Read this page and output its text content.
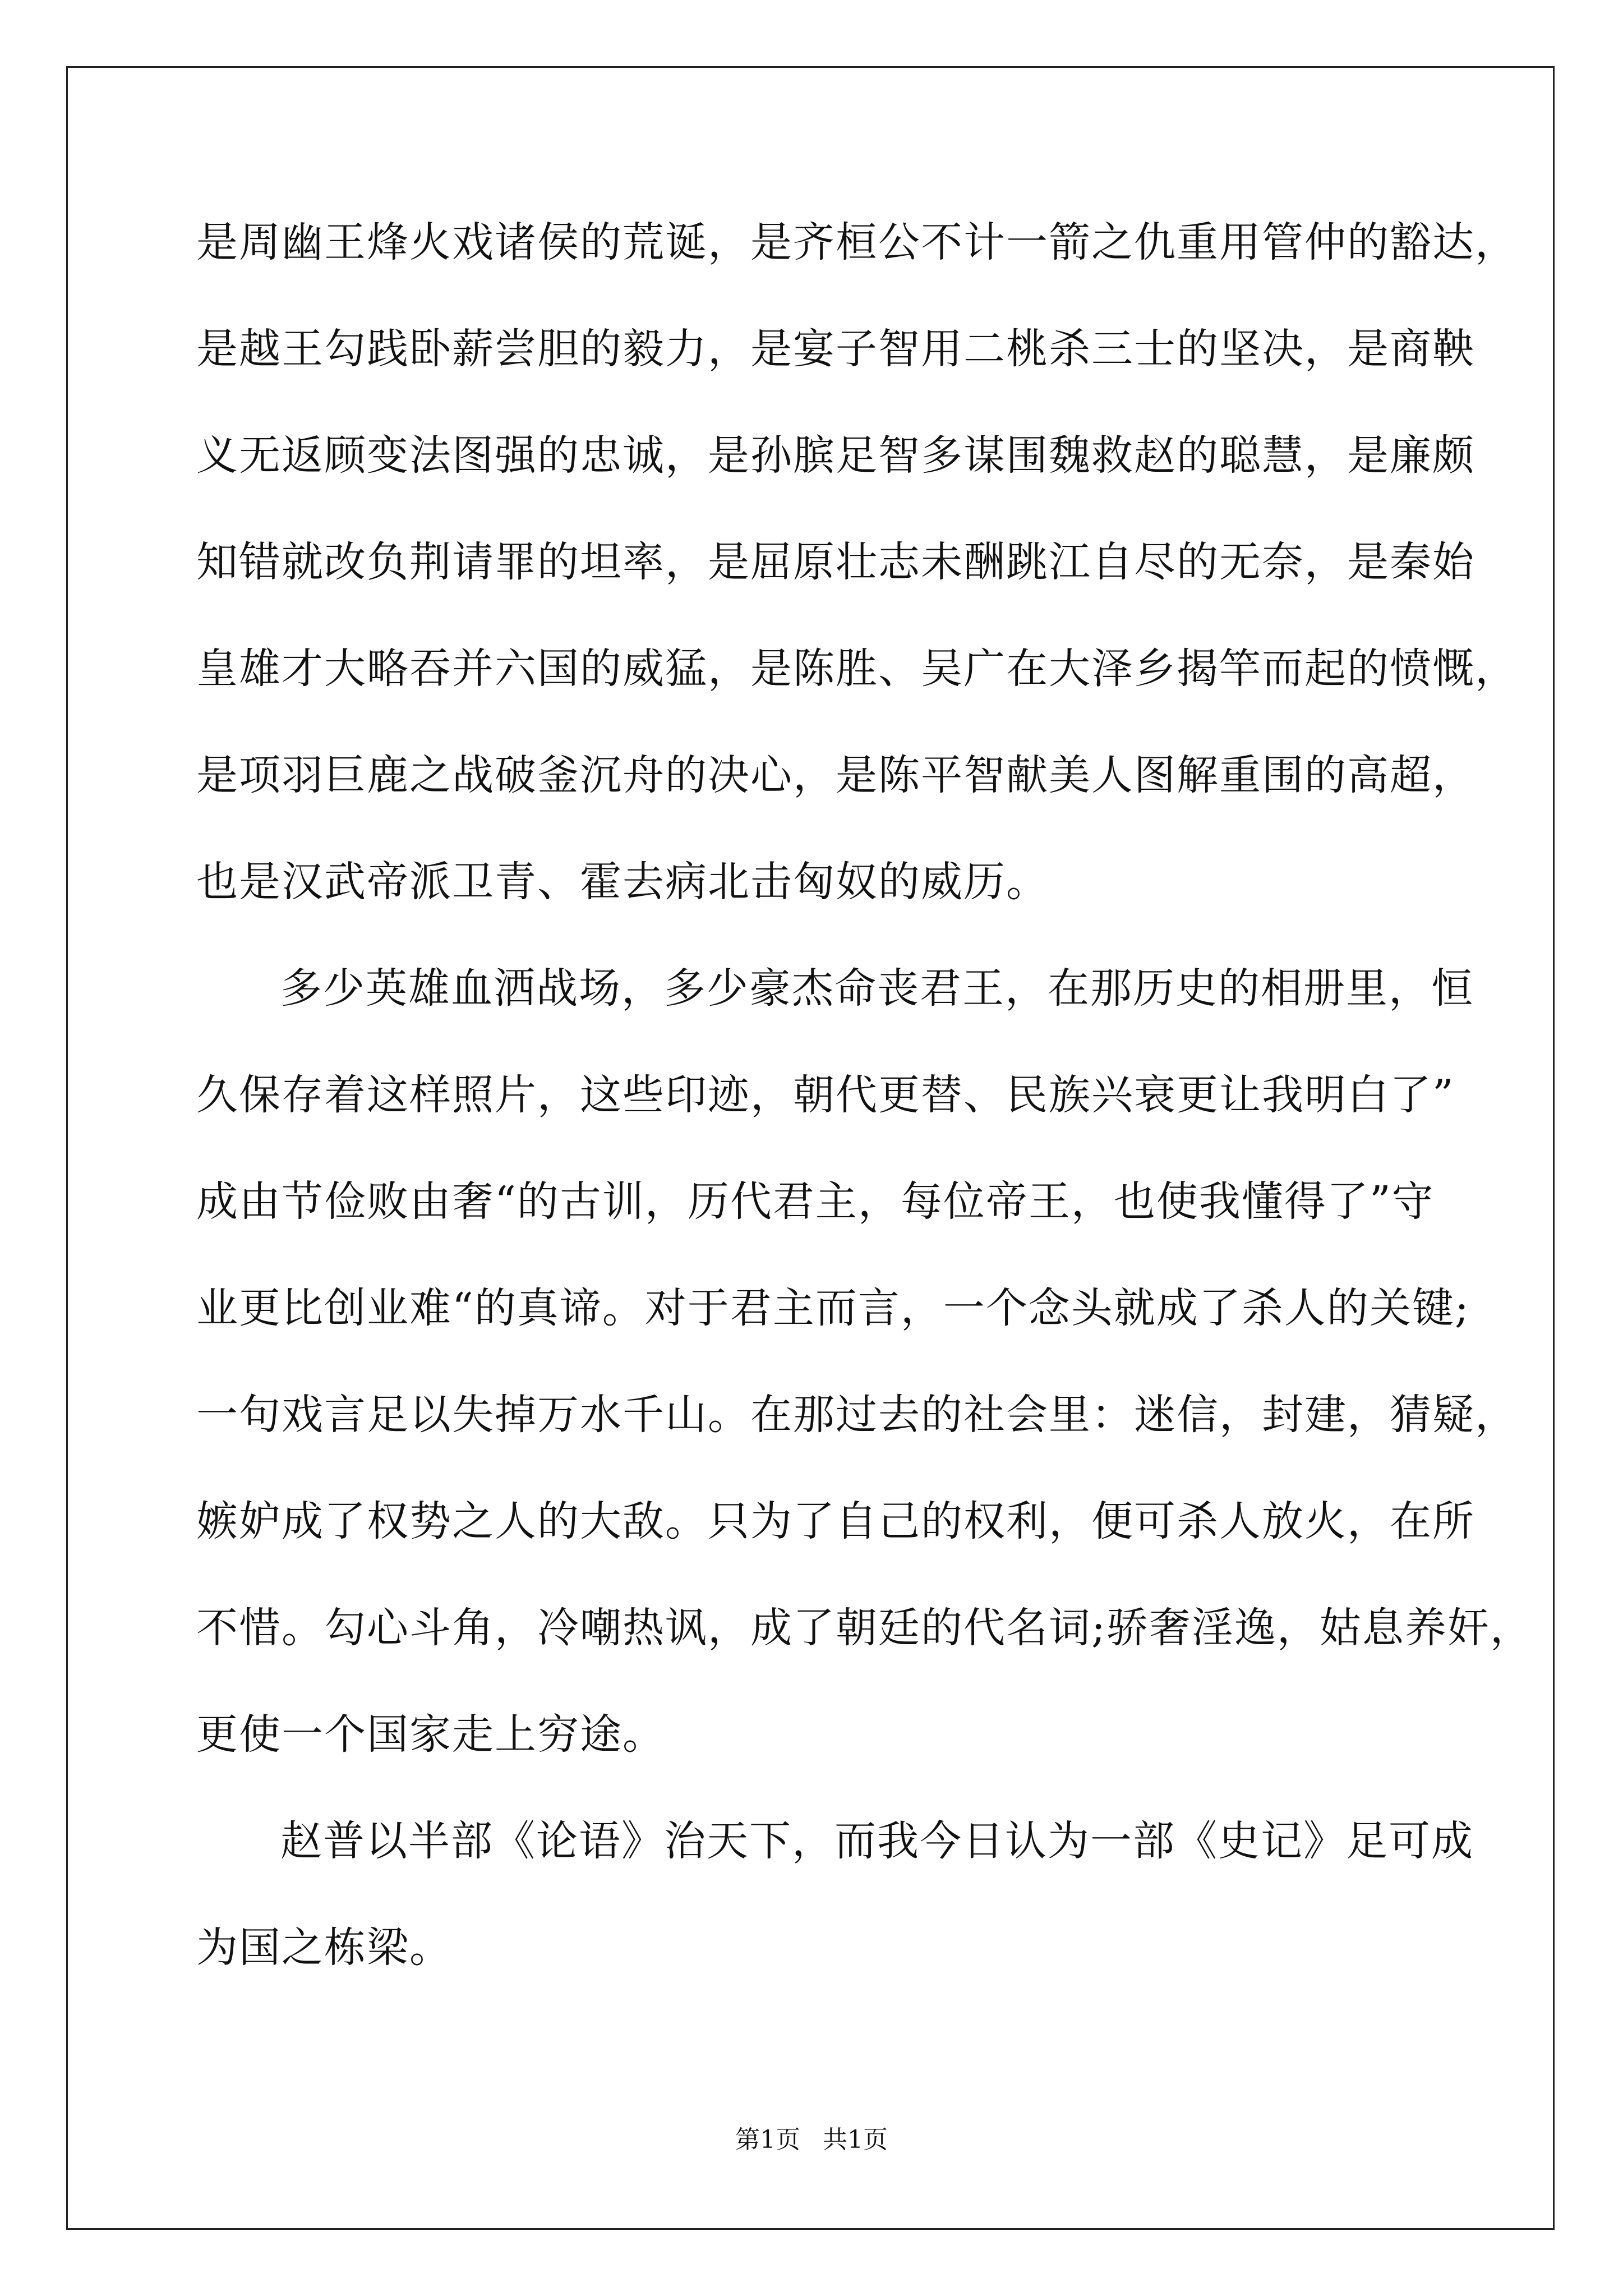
是周幽王烽火戏诸侯的荒诞，是齐桓公不计一箭之仇重用管仲的豁达，
是越王勾践卧薪尝胆的毅力，是宴子智用二桃杀三士的坚决，是商鞅
义无返顾变法图强的忠诚，是孙膑足智多谋围魏救赵的聪慧，是廉颇
知错就改负荆请罪的坦率，是屈原壮志未酬跳江自尽的无奈，是秦始
皇雄才大略吞并六国的威猛，是陈胜、吴广在大泽乡揭竿而起的愤慨，
是项羽巨鹿之战破釜沉舟的决心，是陈平智献美人图解重围的高超，
也是汉武帝派卫青、霍去病北击匈奴的威历。
多少英雄血洒战场，多少豪杰命丧君王，在那历史的相册里，恒
久保存着这样照片，这些印迹，朝代更替、民族兴衰更让我明白了”
成由节俭败由奢“的古训，历代君主，每位帝王，也使我懂得了”守
业更比创业难“的真谛。对于君主而言，一个念头就成了杀人的关键;
一句戏言足以失掉万水千山。在那过去的社会里：迷信，封建，猜疑，
嫉妒成了权势之人的大敌。只为了自己的权利，便可杀人放火，在所
不惜。勾心斗角，冷嘲热讽，成了朝廷的代名词;骄奢淫逸，姑息养奸，
更使一个国家走上穷途。
赵普以半部《论语》治天下，而我今日认为一部《史记》足可成
为国之栋梁。
第1页 共1页
